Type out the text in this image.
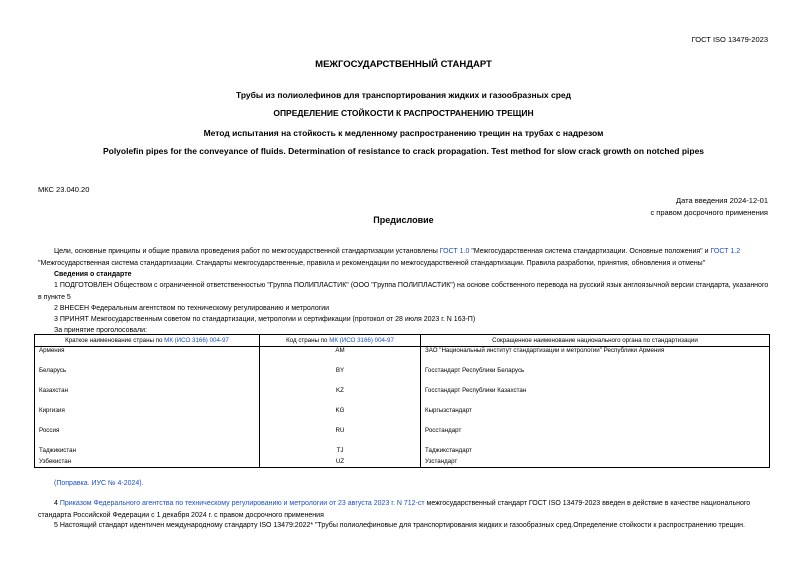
ГОСТ ISO 13479-2023
МЕЖГОСУДАРСТВЕННЫЙ СТАНДАРТ
Трубы из полиолефинов для транспортирования жидких и газообразных сред
ОПРЕДЕЛЕНИЕ СТОЙКОСТИ К РАСПРОСТРАНЕНИЮ ТРЕЩИН
Метод испытания на стойкость к медленному распространению трещин на трубах с надрезом
Polyolefin pipes for the conveyance of fluids. Determination of resistance to crack propagation. Test method for slow crack growth on notched pipes
МКС 23.040.20
Дата введения 2024-12-01
с правом досрочного применения
Предисловие
Цели, основные принципы и общие правила проведения работ по межгосударственной стандартизации установлены ГОСТ 1.0 "Межгосударственная система стандартизации. Основные положения" и ГОСТ 1.2 "Межгосударственная система стандартизации. Стандарты межгосударственные, правила и рекомендации по межгосударственной стандартизации. Правила разработки, принятия, обновления и отмены"
Сведения о стандарте
1 ПОДГОТОВЛЕН Обществом с ограниченной ответственностью "Группа ПОЛИПЛАСТИК" (ООО "Группа ПОЛИПЛАСТИК") на основе собственного перевода на русский язык англоязычной версии стандарта, указанного в пункте 5
2 ВНЕСЕН Федеральным агентством по техническому регулированию и метрологии
3 ПРИНЯТ Межгосударственным советом по стандартизации, метрологии и сертификации (протокол от 28 июля 2023 г. N 163-П)
За принятие проголосовали:
Краткое наименование страны по МК (ИСО 3166) 004-97	Код страны по МК (ИСО 3166) 004-97	Сокращенное наименование национального органа по стандартизации
Армения	AM	ЗАО "Национальный институт стандартизации и метрологии" Республики Армения
Беларусь	BY	Госстандарт Республики Беларусь
Казахстан	KZ	Госстандарт Республики Казахстан
Киргизия	KG	Кыргызстандарт
Россия	RU	Росстандарт
Таджикистан	TJ	Таджикстандарт
Узбекистан	UZ	Узстандарт
(Поправка. ИУС № 4-2024).
4 Приказом Федерального агентства по техническому регулированию и метрологии от 23 августа 2023 г. N 712-ст межгосударственный стандарт ГОСТ ISO 13479-2023 введен в действие в качестве национального стандарта Российской Федерации с 1 декабря 2024 г. с правом досрочного применения
5 Настоящий стандарт идентичен международному стандарту ISO 13479:2022* "Трубы полиолефиновые для транспортирования жидких и газообразных сред.Определение стойкости к распространению трещин.
